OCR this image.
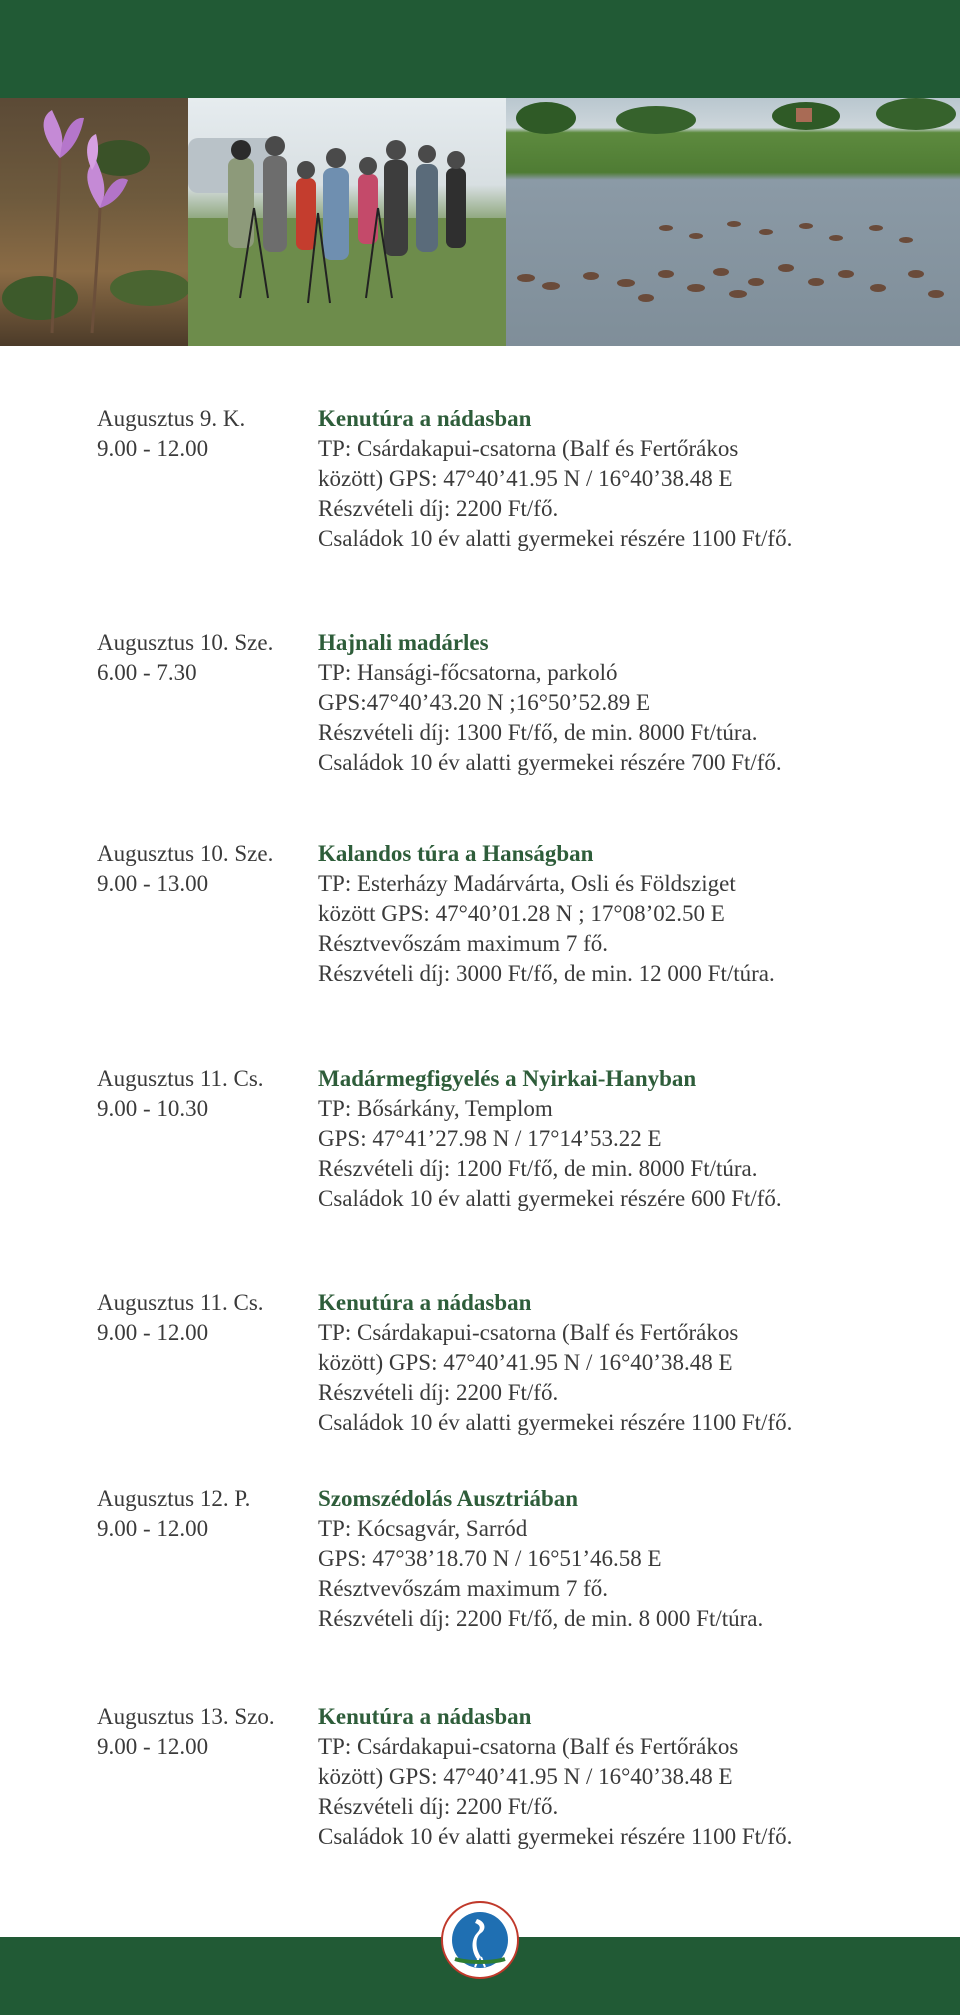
Augusztus 9. K.
9.00 - 12.00
Kenutúra a nádasban
TP: Csárdakapui-csatorna (Balf és Fertőrákos
között) GPS: 47°40’41.95 N / 16°40’38.48 E
Részvételi díj: 2200 Ft/fő.
Családok 10 év alatti gyermekei részére 1100 Ft/fő.
Augusztus 10. Sze.
6.00 - 7.30
Hajnali madárles
TP: Hansági-főcsatorna, parkoló
GPS:47°40’43.20 N ;16°50’52.89 E
Részvételi díj: 1300 Ft/fő, de min. 8000 Ft/túra.
Családok 10 év alatti gyermekei részére 700 Ft/fő.
Augusztus 10. Sze.
9.00 - 13.00
Kalandos túra a Hanságban
TP: Esterházy Madárvárta, Osli és Földsziget
között GPS: 47°40’01.28 N ; 17°08’02.50 E
Résztvevőszám maximum 7 fő.
Részvételi díj: 3000 Ft/fő, de min. 12 000 Ft/túra.
Augusztus 11. Cs.
9.00 - 10.30
Madármegfigyelés a Nyirkai-Hanyban
TP: Bősárkány, Templom
GPS: 47°41’27.98 N / 17°14’53.22 E
Részvételi díj: 1200 Ft/fő, de min. 8000 Ft/túra.
Családok 10 év alatti gyermekei részére 600 Ft/fő.
Augusztus 11. Cs.
9.00 - 12.00
Kenutúra a nádasban
TP: Csárdakapui-csatorna (Balf és Fertőrákos
között) GPS: 47°40’41.95 N / 16°40’38.48 E
Részvételi díj: 2200 Ft/fő.
Családok 10 év alatti gyermekei részére 1100 Ft/fő.
Augusztus 12. P.
9.00 - 12.00
Szomszédolás Ausztriában
TP: Kócsagvár, Sarród
GPS: 47°38’18.70 N / 16°51’46.58 E
Résztvevőszám maximum 7 fő.
Részvételi díj: 2200 Ft/fő, de min. 8 000 Ft/túra.
Augusztus 13. Szo.
9.00 - 12.00
Kenutúra a nádasban
TP: Csárdakapui-csatorna (Balf és Fertőrákos
között) GPS: 47°40’41.95 N / 16°40’38.48 E
Részvételi díj: 2200 Ft/fő.
Családok 10 év alatti gyermekei részére 1100 Ft/fő.
